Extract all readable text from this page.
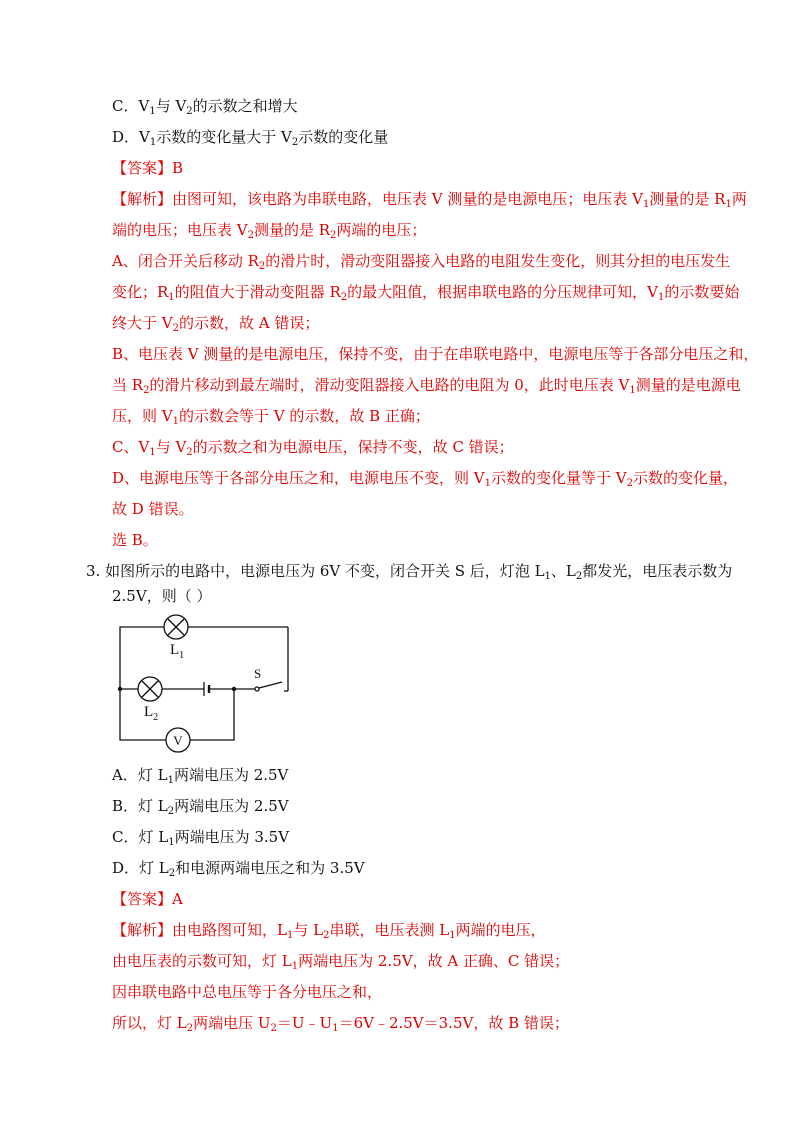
C．$V_1$与 $V_2$的示数之和增大
D．$V_1$示数的变化量大于 $V_2$示数的变化量
【答案】B
【解析】由图可知，该电路为串联电路，电压表 V 测量的是电源电压；电压表 $V_1$测量的是 $R_1$两
端的电压；电压表 $V_2$测量的是 $R_2$两端的电压；
A、闭合开关后移动 $R_2$的滑片时，滑动变阻器接入电路的电阻发生变化，则其分担的电压发生
变化；$R_1$的阻值大于滑动变阻器 $R_2$的最大阻值，根据串联电路的分压规律可知，$V_1$的示数要始
终大于 $V_2$的示数，故 A 错误；
B、电压表 V 测量的是电源电压，保持不变，由于在串联电路中，电源电压等于各部分电压之和，
当 $R_2$的滑片移动到最左端时，滑动变阻器接入电路的电阻为 0，此时电压表 $V_1$测量的是电源电
压，则 $V_1$的示数会等于 V 的示数，故 B 正确；
C、$V_1$与 $V_2$的示数之和为电源电压，保持不变，故 C 错误；
D、电源电压等于各部分电压之和，电源电压不变，则 $V_1$示数的变化量等于 $V_2$示数的变化量，
故 D 错误。
选 B。
3. 如图所示的电路中，电源电压为 6V 不变，闭合开关 S 后，灯泡 $L_1$、$L_2$都发光，电压表示数为
2.5V，则（ ）
V
$L_1$
$L_2$
S
A．灯 $L_1$两端电压为 2.5V
B．灯 $L_2$两端电压为 2.5V
C．灯 $L_1$两端电压为 3.5V
D．灯 $L_2$和电源两端电压之和为 3.5V
【答案】A
【解析】由电路图可知，$L_1$与 $L_2$串联，电压表测 $L_1$两端的电压，
由电压表的示数可知，灯 $L_1$两端电压为 2.5V，故 A 正确、C 错误；
因串联电路中总电压等于各分电压之和，
所以，灯 $L_2$两端电压 $U_2=U﹣U_1=6V﹣2.5V=3.5V$，故 B 错误；
